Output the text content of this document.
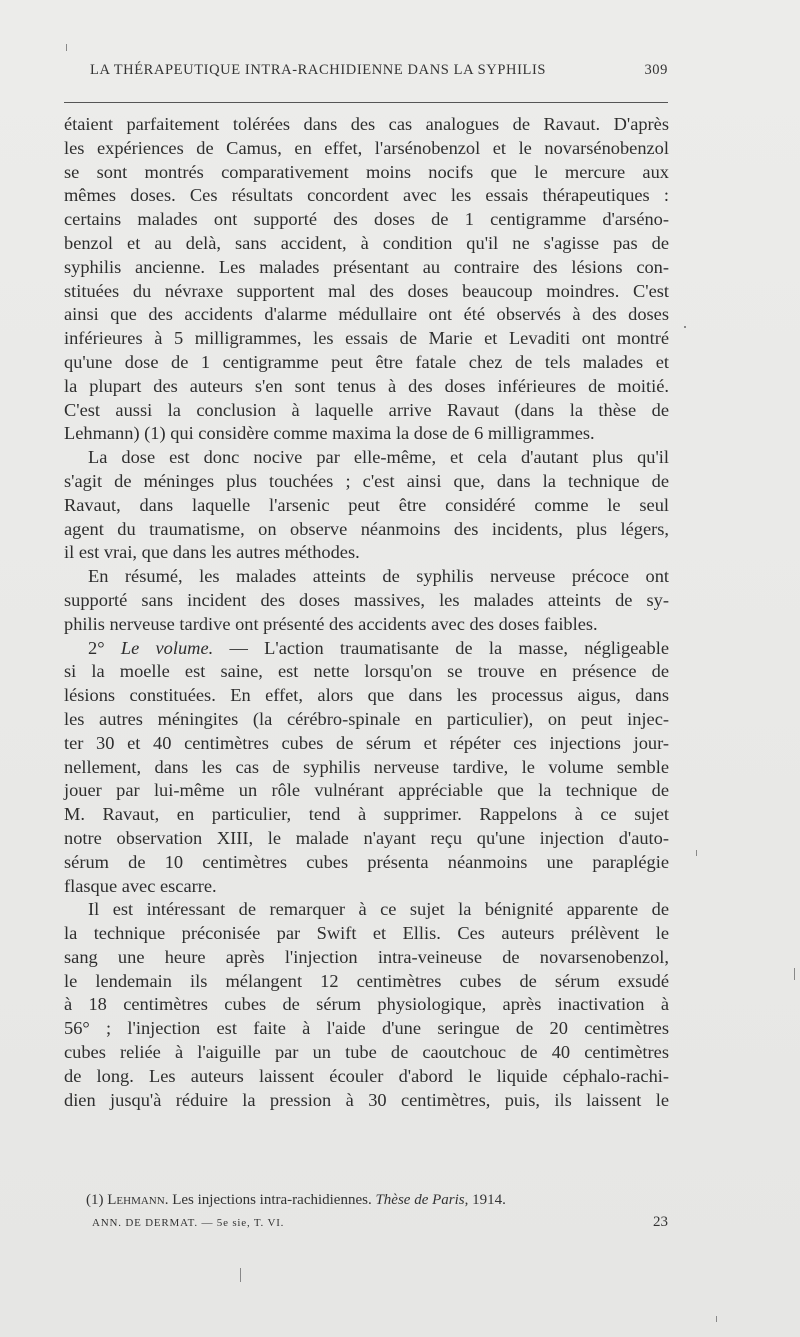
LA THÉRAPEUTIQUE INTRA-RACHIDIENNE DANS LA SYPHILIS	309

étaient parfaitement tolérées dans des cas analogues de Ravaut. D'après

les expériences de Camus, en effet, l'arsénobenzol et le novarsénobenzol

se sont montrés comparativement moins nocifs que le mercure aux

mêmes doses. Ces résultats concordent avec les essais thérapeutiques :

certains malades ont supporté des doses de 1 centigramme d'arséno-

benzol et au delà, sans accident, à condition qu'il ne s'agisse pas de

syphilis ancienne. Les malades présentant au contraire des lésions con-

stituées du névraxe supportent mal des doses beaucoup moindres. C'est

ainsi que des accidents d'alarme médullaire ont été observés à des doses

inférieures à 5 milligrammes, les essais de Marie et Levaditi ont montré

qu'une dose de 1 centigramme peut être fatale chez de tels malades et

la plupart des auteurs s'en sont tenus à des doses inférieures de moitié.

C'est aussi la conclusion à laquelle arrive Ravaut (dans la thèse de

Lehmann) (1) qui considère comme maxima la dose de 6 milligrammes.

La dose est donc nocive par elle-même, et cela d'autant plus qu'il

s'agit de méninges plus touchées ; c'est ainsi que, dans la technique de

Ravaut, dans laquelle l'arsenic peut être considéré comme le seul

agent du traumatisme, on observe néanmoins des incidents, plus légers,

il est vrai, que dans les autres méthodes.

En résumé, les malades atteints de syphilis nerveuse précoce ont

supporté sans incident des doses massives, les malades atteints de sy-

philis nerveuse tardive ont présenté des accidents avec des doses faibles.

2° Le volume. — L'action traumatisante de la masse, négligeable

si la moelle est saine, est nette lorsqu'on se trouve en présence de

lésions constituées. En effet, alors que dans les processus aigus, dans

les autres méningites (la cérébro-spinale en particulier), on peut injec-

ter 30 et 40 centimètres cubes de sérum et répéter ces injections jour-

nellement, dans les cas de syphilis nerveuse tardive, le volume semble

jouer par lui-même un rôle vulnérant appréciable que la technique de

M. Ravaut, en particulier, tend à supprimer. Rappelons à ce sujet

notre observation XIII, le malade n'ayant reçu qu'une injection d'auto-

sérum de 10 centimètres cubes présenta néanmoins une paraplégie

flasque avec escarre.

Il est intéressant de remarquer à ce sujet la bénignité apparente de

la technique préconisée par Swift et Ellis. Ces auteurs prélèvent le

sang une heure après l'injection intra-veineuse de novarsenobenzol,

le lendemain ils mélangent 12 centimètres cubes de sérum exsudé

à 18 centimètres cubes de sérum physiologique, après inactivation à

56° ; l'injection est faite à l'aide d'une seringue de 20 centimètres

cubes reliée à l'aiguille par un tube de caoutchouc de 40 centimètres

de long. Les auteurs laissent écouler d'abord le liquide céphalo-rachi-

dien jusqu'à réduire la pression à 30 centimètres, puis, ils laissent le

(1) Lehmann. Les injections intra-rachidiennes. Thèse de Paris, 1914.
ANN. DE DERMAT. — 5e sie, T. VI.	23
